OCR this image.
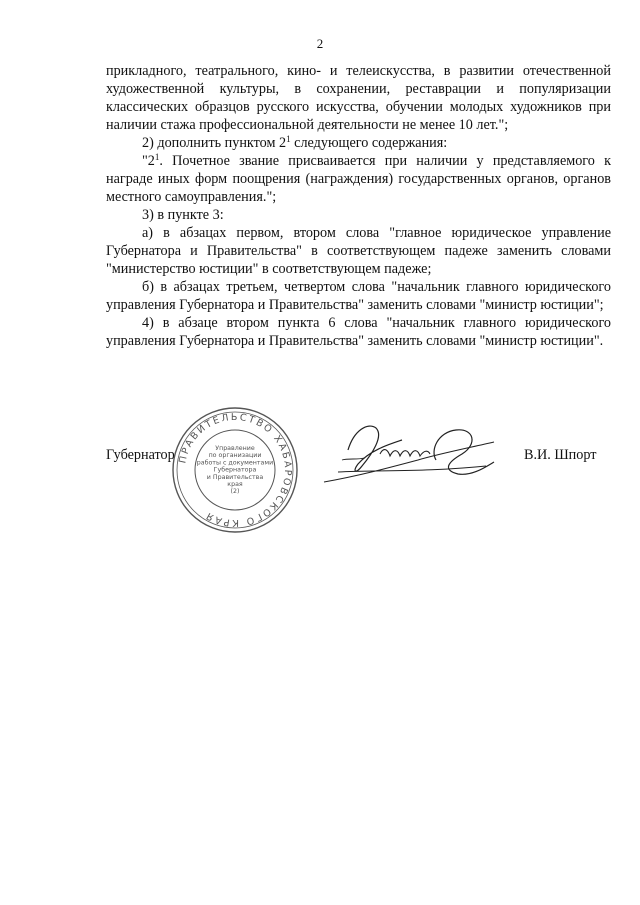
2

прикладного, театрального, кино- и телеискусства, в развитии отечественной художественной культуры, в сохранении, реставрации и популяризации классических образцов русского искусства, обучении молодых художников при наличии стажа профессиональной деятельности не менее 10 лет.";

2) дополнить пунктом $2^1$ следующего содержания:

"$2^1$. Почетное звание присваивается при наличии у представляемого к награде иных форм поощрения (награждения) государственных органов, органов местного самоуправления.";

3) в пункте 3:

а) в абзацах первом, втором слова "главное юридическое управление Губернатора и Правительства" в соответствующем падеже заменить словами "министерство юстиции" в соответствующем падеже;

б) в абзацах третьем, четвертом слова "начальник главного юридического управления Губернатора и Правительства" заменить словами "министр юстиции";

4) в абзаце втором пункта 6 слова "начальник главного юридического управления Губернатора и Правительства" заменить словами "министр юстиции".

Губернатор	В.И. Шпорт
ПРАВИТЕЛЬСТВО ХАБАРОВСКОГО КРАЯ
Управление
по организации
работы с документами
Губернатора
и Правительства
края
(2)
